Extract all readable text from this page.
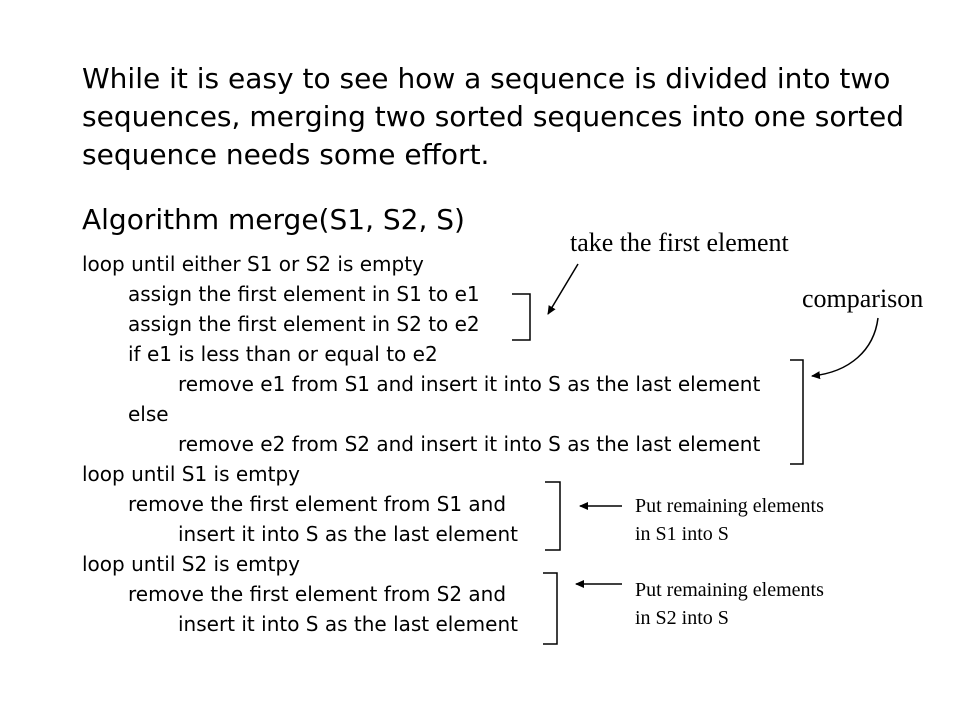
While it is easy to see how a sequence is divided into two
sequences, merging two sorted sequences into one sorted
sequence needs some effort.
Algorithm merge(S1, S2, S)
loop until either S1 or S2 is empty
assign the first element in S1 to e1
assign the first element in S2 to e2
if e1 is less than or equal to e2
remove e1 from S1 and insert it into S as the last element
else
remove e2 from S2 and insert it into S as the last element
loop until S1 is emtpy
remove the first element from S1 and
insert it into S as the last element
loop until S2 is emtpy
remove the first element from S2 and
insert it into S as the last element
take the first element
comparison
Put remaining elements
in S1 into S
Put remaining elements
in S2 into S
